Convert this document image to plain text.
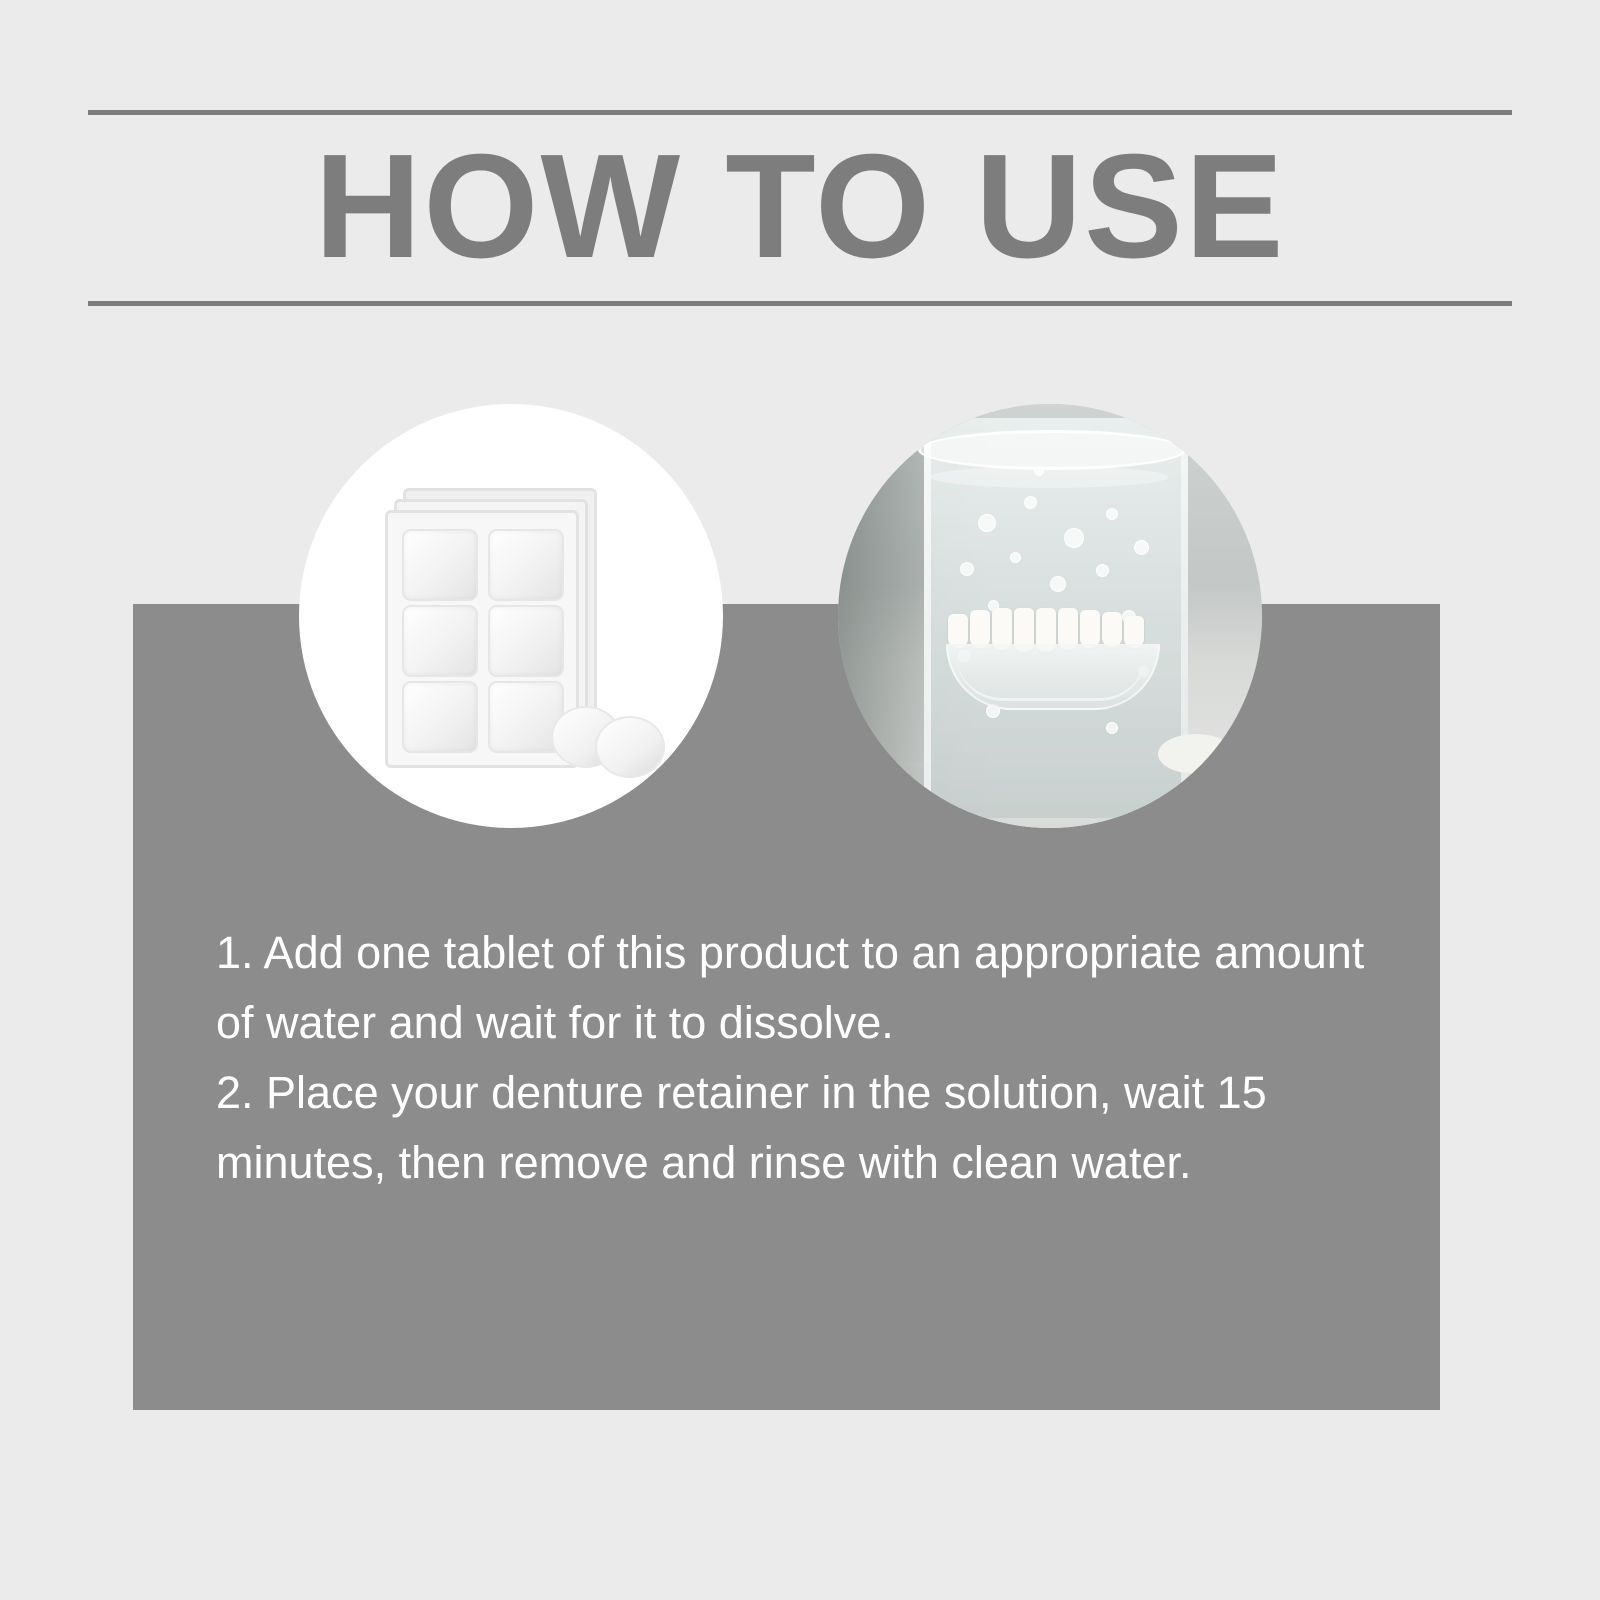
HOW TO USE

1. Add one tablet of this product to an appropriate amount of water and wait for it to dissolve.

2. Place your denture retainer in the solution, wait 15 minutes, then remove and rinse with clean water.
